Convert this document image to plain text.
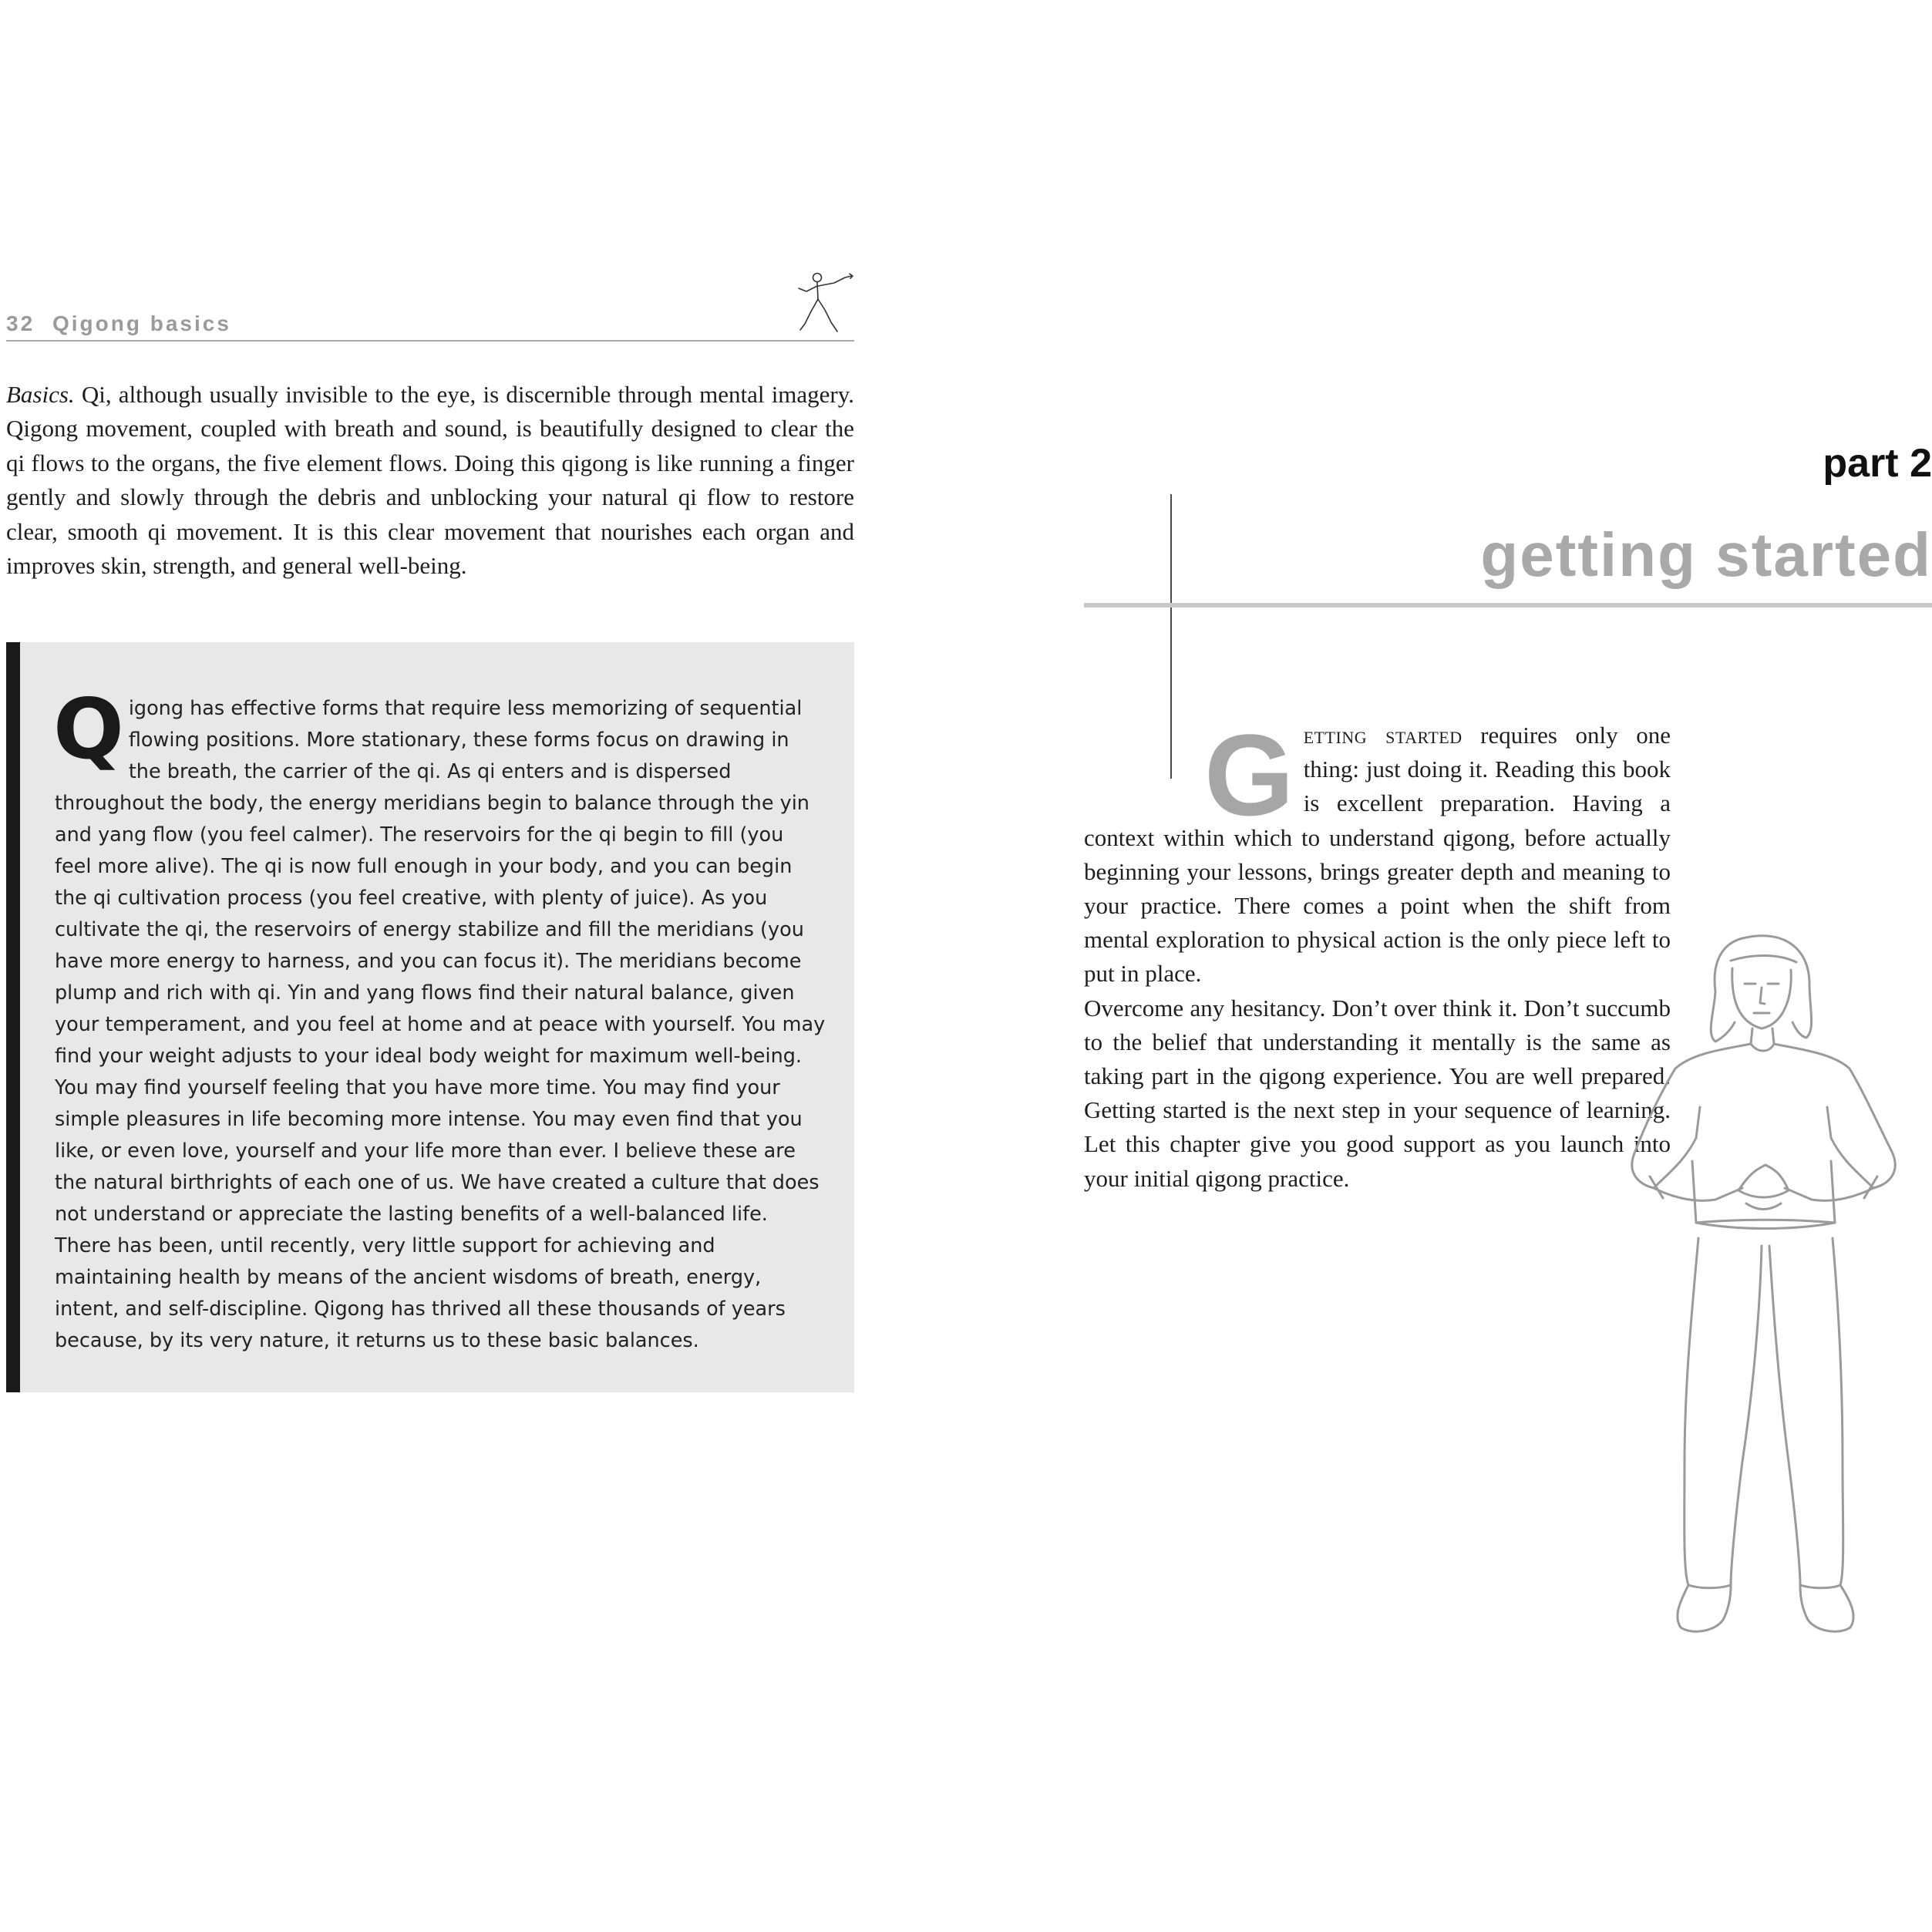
32 Qigong basics

Basics. Qi, although usually invisible to the eye, is discernible through mental imagery. Qigong movement, coupled with breath and sound, is beautifully designed to clear the qi flows to the organs, the five element flows. Doing this qigong is like running a finger gently and slowly through the debris and unblocking your natural qi flow to restore clear, smooth qi movement. It is this clear movement that nourishes each organ and improves skin, strength, and general well-being.

Qigong has effective forms that require less memorizing of sequential flowing positions. More stationary, these forms focus on drawing in the breath, the carrier of the qi. As qi enters and is dispersed throughout the body, the energy meridians begin to balance through the yin and yang flow (you feel calmer). The reservoirs for the qi begin to fill (you feel more alive). The qi is now full enough in your body, and you can begin the qi cultivation process (you feel creative, with plenty of juice). As you cultivate the qi, the reservoirs of energy stabilize and fill the meridians (you have more energy to harness, and you can focus it). The meridians become plump and rich with qi. Yin and yang flows find their natural balance, given your temperament, and you feel at home and at peace with yourself. You may find your weight adjusts to your ideal body weight for maximum well-being. You may find yourself feeling that you have more time. You may find your simple pleasures in life becoming more intense. You may even find that you like, or even love, yourself and your life more than ever. I believe these are the natural birthrights of each one of us. We have created a culture that does not understand or appreciate the lasting benefits of a well-balanced life. There has been, until recently, very little support for achieving and maintaining health by means of the ancient wisdoms of breath, energy, intent, and self-discipline. Qigong has thrived all these thousands of years because, by its very nature, it returns us to these basic balances.

part 2
getting started
G etting started requires only one thing: just doing it. Reading this book is excellent preparation. Having a context within which to understand qigong, before actually beginning your lessons, brings greater depth and meaning to your practice. There comes a point when the shift from mental exploration to physical action is the only piece left to put in place.
Overcome any hesitancy. Don’t over think it. Don’t succumb to the belief that understanding it mentally is the same as taking part in the qigong experience. You are well prepared. Getting started is the next step in your sequence of learning. Let this chapter give you good support as you launch into your initial qigong practice.
